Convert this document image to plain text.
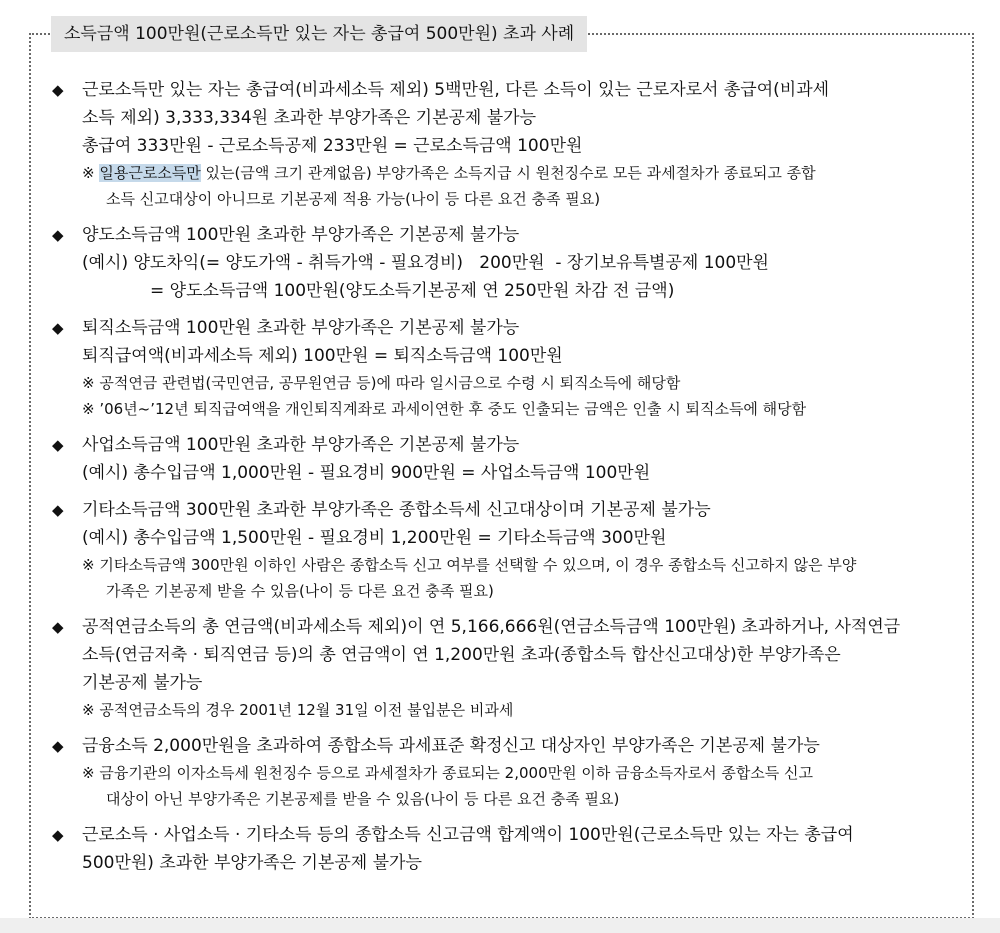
소득금액 100만원(근로소득만 있는 자는 총급여 500만원) 초과 사례
◆ 근로소득만 있는 자는 총급여(비과세소득 제외) 5백만원, 다른 소득이 있는 근로자로서 총급여(비과세
소득 제외) 3,333,334원 초과한 부양가족은 기본공제 불가능
총급여 333만원 - 근로소득공제 233만원 = 근로소득금액 100만원
※ 일용근로소득만 있는(금액 크기 관계없음) 부양가족은 소득지급 시 원천징수로 모든 과세절차가 종료되고 종합
소득 신고대상이 아니므로 기본공제 적용 가능(나이 등 다른 요건 충족 필요)
◆ 양도소득금액 100만원 초과한 부양가족은 기본공제 불가능
(예시) 양도차익(= 양도가액 - 취득가액 - 필요경비)   200만원  - 장기보유특별공제 100만원
= 양도소득금액 100만원(양도소득기본공제 연 250만원 차감 전 금액)
◆ 퇴직소득금액 100만원 초과한 부양가족은 기본공제 불가능
퇴직급여액(비과세소득 제외) 100만원 = 퇴직소득금액 100만원
※ 공적연금 관련법(국민연금, 공무원연금 등)에 따라 일시금으로 수령 시 퇴직소득에 해당함
※ ’06년~’12년 퇴직급여액을 개인퇴직계좌로 과세이연한 후 중도 인출되는 금액은 인출 시 퇴직소득에 해당함
◆ 사업소득금액 100만원 초과한 부양가족은 기본공제 불가능
(예시) 총수입금액 1,000만원 - 필요경비 900만원 = 사업소득금액 100만원
◆ 기타소득금액 300만원 초과한 부양가족은 종합소득세 신고대상이며 기본공제 불가능
(예시) 총수입금액 1,500만원 - 필요경비 1,200만원 = 기타소득금액 300만원
※ 기타소득금액 300만원 이하인 사람은 종합소득 신고 여부를 선택할 수 있으며, 이 경우 종합소득 신고하지 않은 부양
가족은 기본공제 받을 수 있음(나이 등 다른 요건 충족 필요)
◆ 공적연금소득의 총 연금액(비과세소득 제외)이 연 5,166,666원(연금소득금액 100만원) 초과하거나, 사적연금
소득(연금저축 · 퇴직연금 등)의 총 연금액이 연 1,200만원 초과(종합소득 합산신고대상)한 부양가족은
기본공제 불가능
※ 공적연금소득의 경우 2001년 12월 31일 이전 불입분은 비과세
◆ 금융소득 2,000만원을 초과하여 종합소득 과세표준 확정신고 대상자인 부양가족은 기본공제 불가능
※ 금융기관의 이자소득세 원천징수 등으로 과세절차가 종료되는 2,000만원 이하 금융소득자로서 종합소득 신고
대상이 아닌 부양가족은 기본공제를 받을 수 있음(나이 등 다른 요건 충족 필요)
◆ 근로소득 · 사업소득 · 기타소득 등의 종합소득 신고금액 합계액이 100만원(근로소득만 있는 자는 총급여
500만원) 초과한 부양가족은 기본공제 불가능
